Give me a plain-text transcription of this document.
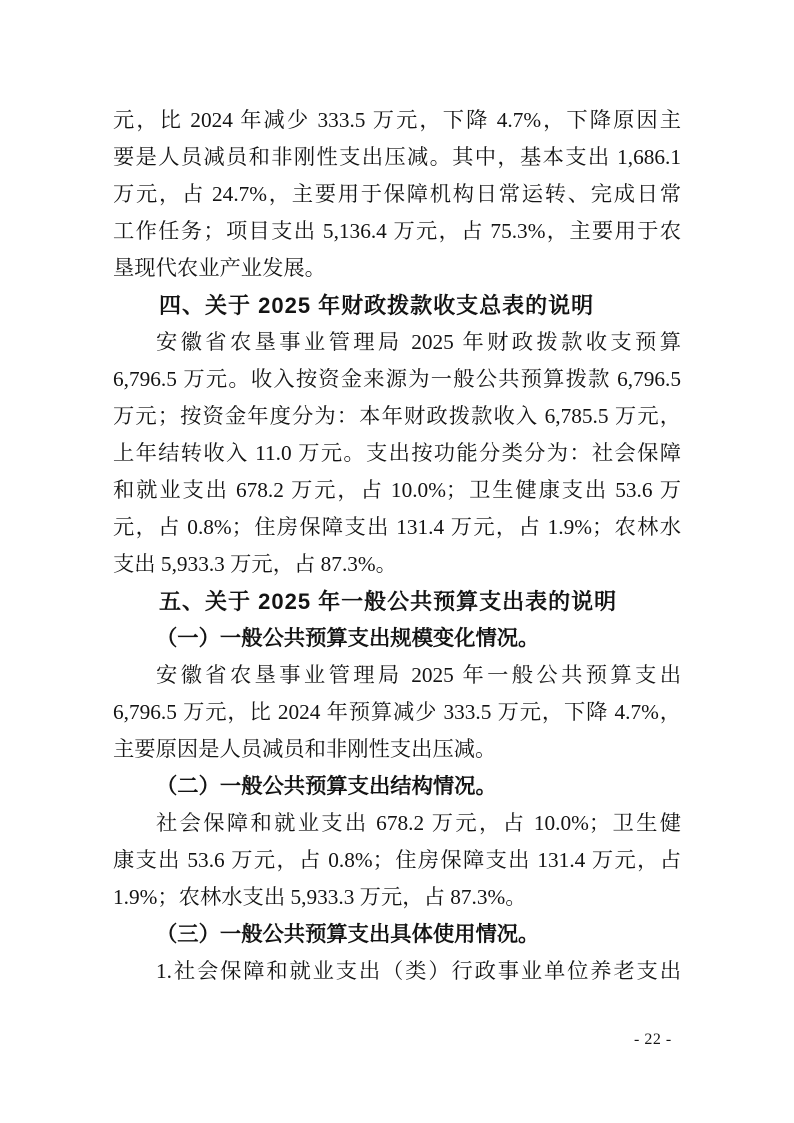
元，比 2024 年减少 333.5 万元，下降 4.7%，下降原因主
要是人员减员和非刚性支出压减。其中，基本支出 1,686.1
万元，占 24.7%，主要用于保障机构日常运转、完成日常
工作任务；项目支出 5,136.4 万元，占 75.3%，主要用于农
垦现代农业产业发展。
四、关于 2025 年财政拨款收支总表的说明
安徽省农垦事业管理局 2025 年财政拨款收支预算
6,796.5 万元。收入按资金来源为一般公共预算拨款 6,796.5
万元；按资金年度分为：本年财政拨款收入 6,785.5 万元，
上年结转收入 11.0 万元。支出按功能分类分为：社会保障
和就业支出 678.2 万元，占 10.0%；卫生健康支出 53.6 万
元，占 0.8%；住房保障支出 131.4 万元，占 1.9%；农林水
支出 5,933.3 万元，占 87.3%。
五、关于 2025 年一般公共预算支出表的说明
（一）一般公共预算支出规模变化情况。
安徽省农垦事业管理局 2025 年一般公共预算支出
6,796.5 万元，比 2024 年预算减少 333.5 万元，下降 4.7%，
主要原因是人员减员和非刚性支出压减。
（二）一般公共预算支出结构情况。
社会保障和就业支出 678.2 万元，占 10.0%；卫生健
康支出 53.6 万元，占 0.8%；住房保障支出 131.4 万元，占
1.9%；农林水支出 5,933.3 万元，占 87.3%。
（三）一般公共预算支出具体使用情况。
1.社会保障和就业支出（类）行政事业单位养老支出
- 22 -
